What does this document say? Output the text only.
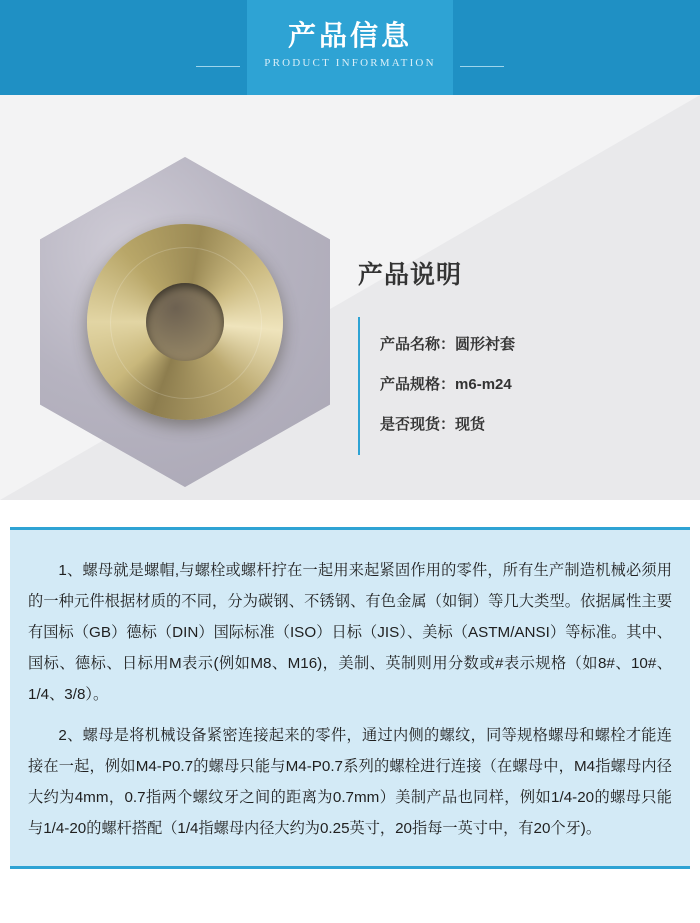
产品信息

PRODUCT INFORMATION

产品说明
产品名称：圆形衬套
产品规格：m6-m24
是否现货：现货

1、螺母就是螺帽,与螺栓或螺杆拧在一起用来起紧固作用的零件，所有生产制造机械必须用的一种元件根据材质的不同，分为碳钢、不锈钢、有色金属（如铜）等几大类型。依据属性主要有国标（GB）德标（DIN）国际标准（ISO）日标（JIS）、美标（ASTM/ANSI）等标准。其中、国标、德标、日标用M表示(例如M8、M16)，美制、英制则用分数或#表示规格（如8#、10#、1/4、3/8）。

2、螺母是将机械设备紧密连接起来的零件，通过内侧的螺纹，同等规格螺母和螺栓才能连接在一起，例如M4-P0.7的螺母只能与M4-P0.7系列的螺栓进行连接（在螺母中，M4指螺母内径大约为4mm，0.7指两个螺纹牙之间的距离为0.7mm）美制产品也同样，例如1/4-20的螺母只能与1/4-20的螺杆搭配（1/4指螺母内径大约为0.25英寸，20指每一英寸中，有20个牙)。
